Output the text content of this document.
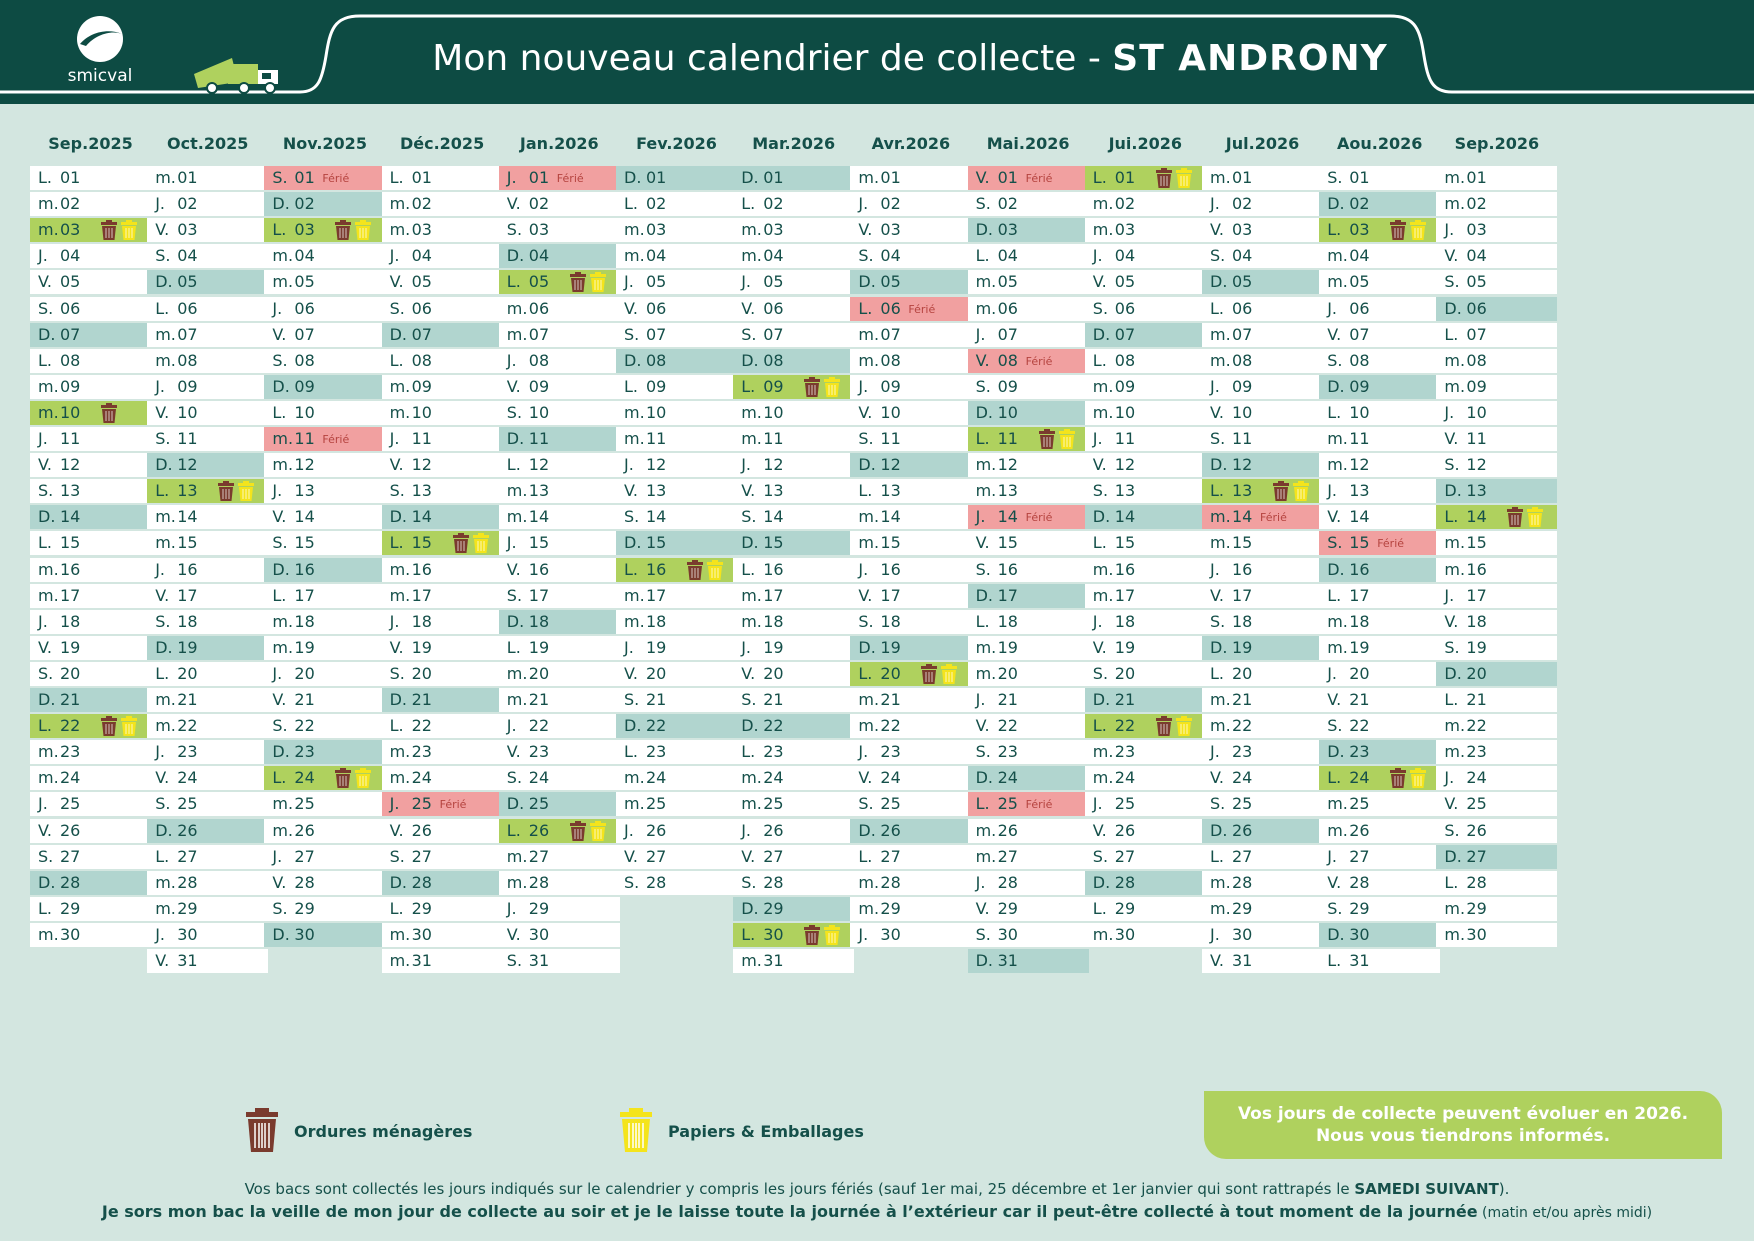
smicval	Mon nouveau calendrier de collecte - ST ANDRONY
Sep.2025
L. 01
m. 02
m. 03
J. 04
V. 05
S. 06
D. 07
L. 08
m. 09
m. 10
J. 11
V. 12
S. 13
D. 14
L. 15
m. 16
m. 17
J. 18
V. 19
S. 20
D. 21
L. 22
m. 23
m. 24
J. 25
V. 26
S. 27
D. 28
L. 29
m. 30
Oct.2025
m. 01
J. 02
V. 03
S. 04
D. 05
L. 06
m. 07
m. 08
J. 09
V. 10
S. 11
D. 12
L. 13
m. 14
m. 15
J. 16
V. 17
S. 18
D. 19
L. 20
m. 21
m. 22
J. 23
V. 24
S. 25
D. 26
L. 27
m. 28
m. 29
J. 30
V. 31
Nov.2025
S. 01 Férié
D. 02
L. 03
m. 04
m. 05
J. 06
V. 07
S. 08
D. 09
L. 10
m. 11 Férié
m. 12
J. 13
V. 14
S. 15
D. 16
L. 17
m. 18
m. 19
J. 20
V. 21
S. 22
D. 23
L. 24
m. 25
m. 26
J. 27
V. 28
S. 29
D. 30
Déc.2025
L. 01
m. 02
m. 03
J. 04
V. 05
S. 06
D. 07
L. 08
m. 09
m. 10
J. 11
V. 12
S. 13
D. 14
L. 15
m. 16
m. 17
J. 18
V. 19
S. 20
D. 21
L. 22
m. 23
m. 24
J. 25 Férié
V. 26
S. 27
D. 28
L. 29
m. 30
m. 31
Jan.2026
J. 01 Férié
V. 02
S. 03
D. 04
L. 05
m. 06
m. 07
J. 08
V. 09
S. 10
D. 11
L. 12
m. 13
m. 14
J. 15
V. 16
S. 17
D. 18
L. 19
m. 20
m. 21
J. 22
V. 23
S. 24
D. 25
L. 26
m. 27
m. 28
J. 29
V. 30
S. 31
Fev.2026
D. 01
L. 02
m. 03
m. 04
J. 05
V. 06
S. 07
D. 08
L. 09
m. 10
m. 11
J. 12
V. 13
S. 14
D. 15
L. 16
m. 17
m. 18
J. 19
V. 20
S. 21
D. 22
L. 23
m. 24
m. 25
J. 26
V. 27
S. 28
Mar.2026
D. 01
L. 02
m. 03
m. 04
J. 05
V. 06
S. 07
D. 08
L. 09
m. 10
m. 11
J. 12
V. 13
S. 14
D. 15
L. 16
m. 17
m. 18
J. 19
V. 20
S. 21
D. 22
L. 23
m. 24
m. 25
J. 26
V. 27
S. 28
D. 29
L. 30
m. 31
Avr.2026
m. 01
J. 02
V. 03
S. 04
D. 05
L. 06 Férié
m. 07
m. 08
J. 09
V. 10
S. 11
D. 12
L. 13
m. 14
m. 15
J. 16
V. 17
S. 18
D. 19
L. 20
m. 21
m. 22
J. 23
V. 24
S. 25
D. 26
L. 27
m. 28
m. 29
J. 30
Mai.2026
V. 01 Férié
S. 02
D. 03
L. 04
m. 05
m. 06
J. 07
V. 08 Férié
S. 09
D. 10
L. 11
m. 12
m. 13
J. 14 Férié
V. 15
S. 16
D. 17
L. 18
m. 19
m. 20
J. 21
V. 22
S. 23
D. 24
L. 25 Férié
m. 26
m. 27
J. 28
V. 29
S. 30
D. 31
Jui.2026
L. 01
m. 02
m. 03
J. 04
V. 05
S. 06
D. 07
L. 08
m. 09
m. 10
J. 11
V. 12
S. 13
D. 14
L. 15
m. 16
m. 17
J. 18
V. 19
S. 20
D. 21
L. 22
m. 23
m. 24
J. 25
V. 26
S. 27
D. 28
L. 29
m. 30
Jul.2026
m. 01
J. 02
V. 03
S. 04
D. 05
L. 06
m. 07
m. 08
J. 09
V. 10
S. 11
D. 12
L. 13
m. 14 Férié
m. 15
J. 16
V. 17
S. 18
D. 19
L. 20
m. 21
m. 22
J. 23
V. 24
S. 25
D. 26
L. 27
m. 28
m. 29
J. 30
V. 31
Aou.2026
S. 01
D. 02
L. 03
m. 04
m. 05
J. 06
V. 07
S. 08
D. 09
L. 10
m. 11
m. 12
J. 13
V. 14
S. 15 Férié
D. 16
L. 17
m. 18
m. 19
J. 20
V. 21
S. 22
D. 23
L. 24
m. 25
m. 26
J. 27
V. 28
S. 29
D. 30
L. 31
Sep.2026
m. 01
m. 02
J. 03
V. 04
S. 05
D. 06
L. 07
m. 08
m. 09
J. 10
V. 11
S. 12
D. 13
L. 14
m. 15
m. 16
J. 17
V. 18
S. 19
D. 20
L. 21
m. 22
m. 23
J. 24
V. 25
S. 26
D. 27
L. 28
m. 29
m. 30
Ordures ménagères	Papiers & Emballages
Vos jours de collecte peuvent évoluer en 2026.
Nous vous tiendrons informés.
Vos bacs sont collectés les jours indiqués sur le calendrier y compris les jours fériés (sauf 1er mai, 25 décembre et 1er janvier qui sont rattrapés le SAMEDI SUIVANT).
Je sors mon bac la veille de mon jour de collecte au soir et je le laisse toute la journée à l’extérieur car il peut-être collecté à tout moment de la journée (matin et/ou après midi)
